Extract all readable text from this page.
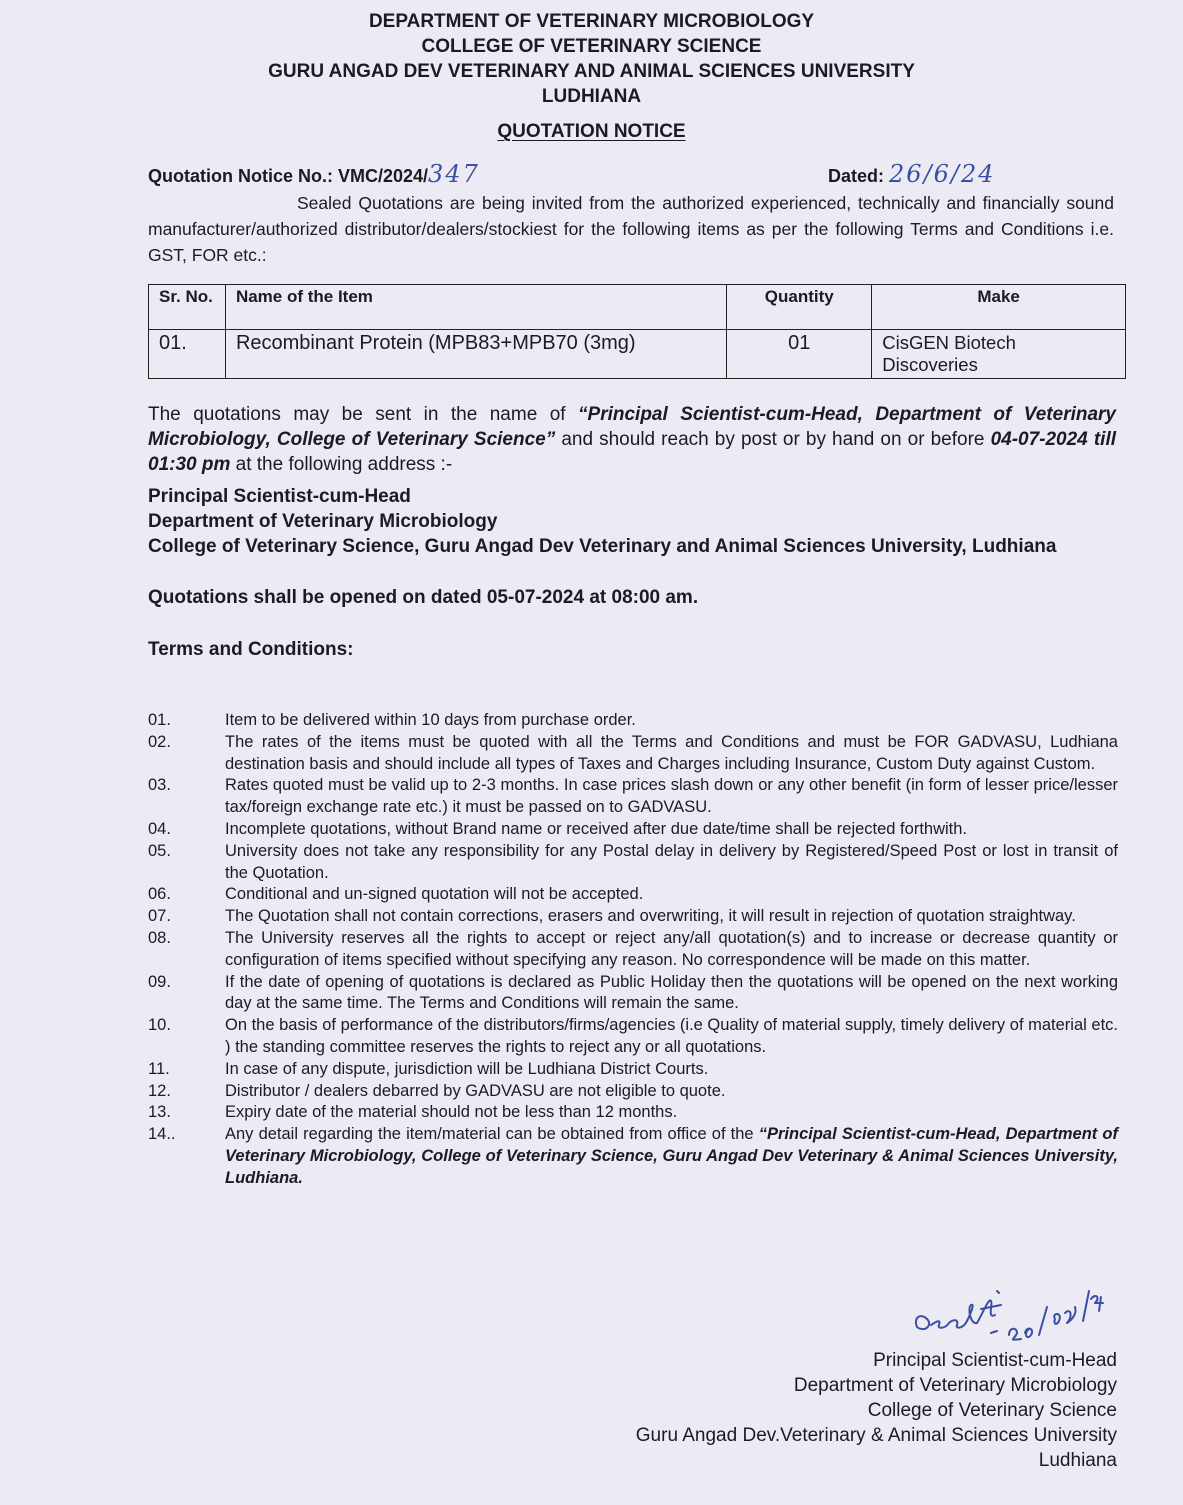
DEPARTMENT OF VETERINARY MICROBIOLOGY
COLLEGE OF VETERINARY SCIENCE
GURU ANGAD DEV VETERINARY AND ANIMAL SCIENCES UNIVERSITY
LUDHIANA
QUOTATION NOTICE
Quotation Notice No.: VMC/2024/347	Dated: 26/6/24
Sealed Quotations are being invited from the authorized experienced, technically and financially sound manufacturer/authorized distributor/dealers/stockiest for the following items as per the following Terms and Conditions i.e. GST, FOR etc.:
Sr. No.	Name of the Item	Quantity	Make
01.	Recombinant Protein (MPB83+MPB70 (3mg)	01	CisGEN Biotech Discoveries
The quotations may be sent in the name of “Principal Scientist-cum-Head, Department of Veterinary Microbiology, College of Veterinary Science” and should reach by post or by hand on or before 04-07-2024 till 01:30 pm at the following address :-
Principal Scientist-cum-Head
Department of Veterinary Microbiology
College of Veterinary Science, Guru Angad Dev Veterinary and Animal Sciences University, Ludhiana
Quotations shall be opened on dated 05-07-2024 at 08:00 am.
Terms and Conditions:
01.	Item to be delivered within 10 days from purchase order.
02.	The rates of the items must be quoted with all the Terms and Conditions and must be FOR GADVASU, Ludhiana destination basis and should include all types of Taxes and Charges including Insurance, Custom Duty against Custom.
03.	Rates quoted must be valid up to 2-3 months. In case prices slash down or any other benefit (in form of lesser price/lesser tax/foreign exchange rate etc.) it must be passed on to GADVASU.
04.	Incomplete quotations, without Brand name or received after due date/time shall be rejected forthwith.
05.	University does not take any responsibility for any Postal delay in delivery by Registered/Speed Post or lost in transit of the Quotation.
06.	Conditional and un-signed quotation will not be accepted.
07.	The Quotation shall not contain corrections, erasers and overwriting, it will result in rejection of quotation straightway.
08.	The University reserves all the rights to accept or reject any/all quotation(s) and to increase or decrease quantity or configuration of items specified without specifying any reason. No correspondence will be made on this matter.
09.	If the date of opening of quotations is declared as Public Holiday then the quotations will be opened on the next working day at the same time. The Terms and Conditions will remain the same.
10.	On the basis of performance of the distributors/firms/agencies (i.e Quality of material supply, timely delivery of material etc. ) the standing committee reserves the rights to reject any or all quotations.
11.	In case of any dispute, jurisdiction will be Ludhiana District Courts.
12.	Distributor / dealers debarred by GADVASU are not eligible to quote.
13.	Expiry date of the material should not be less than 12 months.
14..	Any detail regarding the item/material can be obtained from office of the “Principal Scientist-cum-Head, Department of Veterinary Microbiology, College of Veterinary Science, Guru Angad Dev Veterinary & Animal Sciences University, Ludhiana.
Principal Scientist-cum-Head
Department of Veterinary Microbiology
College of Veterinary Science
Guru Angad Dev.Veterinary & Animal Sciences University
Ludhiana
